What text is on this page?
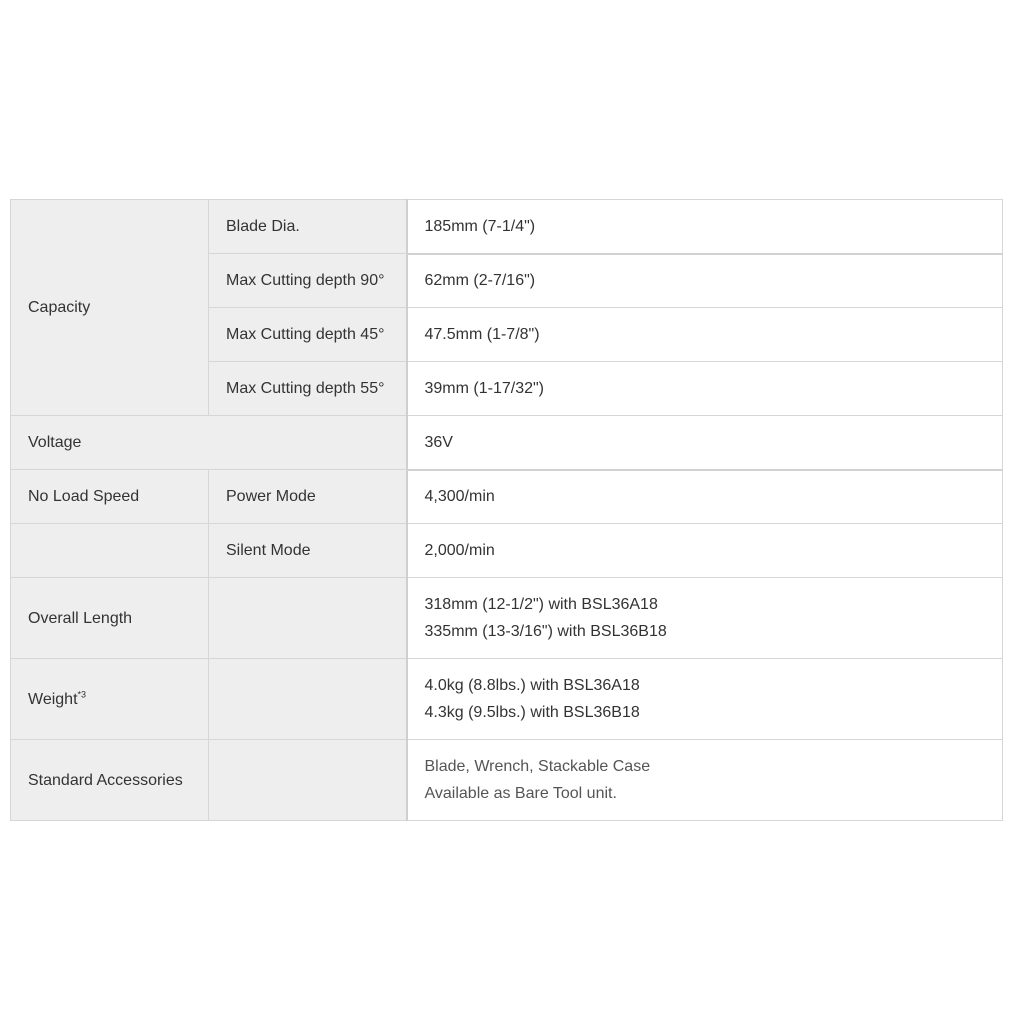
Capacity	Blade Dia.	185mm (7-1/4")
	Max Cutting depth 90°	62mm (2-7/16")
	Max Cutting depth 45°	47.5mm (1-7/8")
	Max Cutting depth 55°	39mm (1-17/32")
Voltage		36V
No Load Speed	Power Mode	4,300/min
	Silent Mode	2,000/min
Overall Length		318mm (12-1/2") with BSL36A18
335mm (13-3/16") with BSL36B18

Weight$^{*3}$		4.0kg (8.8lbs.) with BSL36A18
4.3kg (9.5lbs.) with BSL36B18

Standard Accessories		Blade, Wrench, Stackable Case
Available as Bare Tool unit.
